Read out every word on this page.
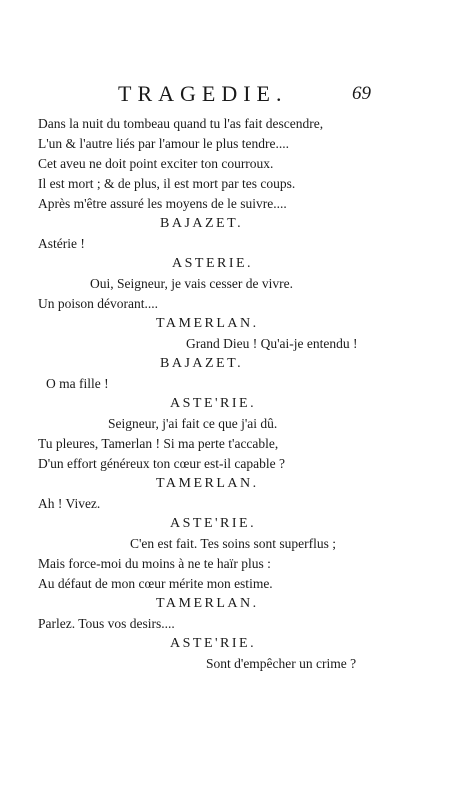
TRAGEDIE.	69
Dans la nuit du tombeau quand tu l'as fait descendre,
L'un & l'autre liés par l'amour le plus tendre....
Cet aveu ne doit point exciter ton courroux.
Il est mort ; & de plus, il est mort par tes coups.
Après m'être assuré les moyens de le suivre....
BAJAZET.
Astérie !
ASTERIE.
Oui, Seigneur, je vais cesser de vivre.
Un poison dévorant....
TAMERLAN.
Grand Dieu ! Qu'ai-je entendu !
BAJAZET.
O ma fille !
ASTE'RIE.
Seigneur, j'ai fait ce que j'ai dû.
Tu pleures, Tamerlan ! Si ma perte t'accable,
D'un effort généreux ton cœur est-il capable ?
TAMERLAN.
Ah ! Vivez.
ASTE'RIE.
C'en est fait. Tes soins sont superflus ;
Mais force-moi du moins à ne te haïr plus :
Au défaut de mon cœur mérite mon estime.
TAMERLAN.
Parlez. Tous vos desirs....
ASTE'RIE.
Sont d'empêcher un crime ?
